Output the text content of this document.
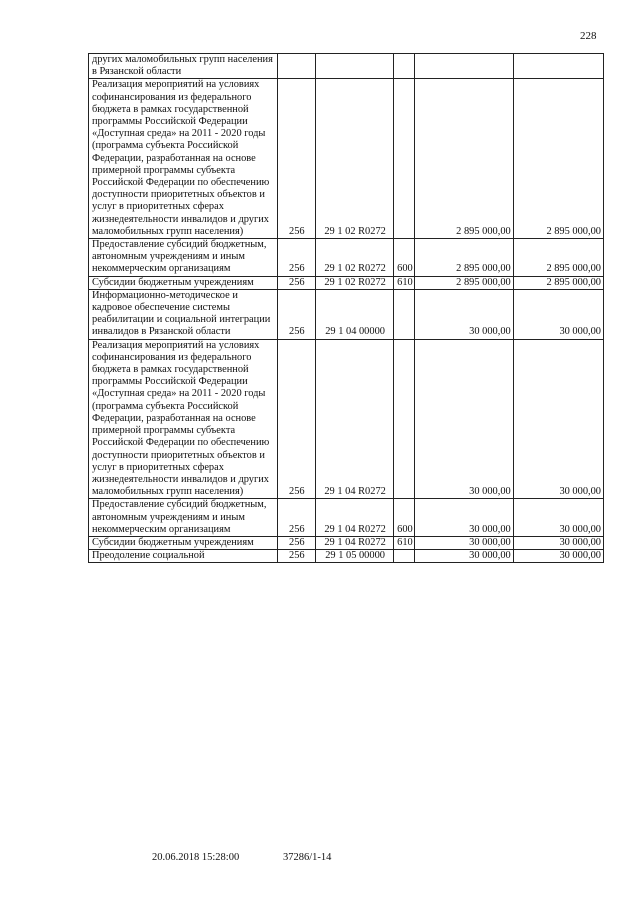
228
других маломобильных групп населения в Рязанской области					
Реализация мероприятий на условиях софинансирования из федерального бюджета в рамках государственной программы Российской Федерации «Доступная среда» на 2011 - 2020 годы (программа субъекта Российской Федерации, разработанная на основе примерной программы субъекта Российской Федерации по обеспечению доступности приоритетных объектов и услуг в приоритетных сферах жизнедеятельности инвалидов и других маломобильных групп населения)	256	29 1 02 R0272		2 895 000,00	2 895 000,00
Предоставление субсидий бюджетным, автономным учреждениям и иным некоммерческим организациям	256	29 1 02 R0272	600	2 895 000,00	2 895 000,00
Субсидии бюджетным учреждениям	256	29 1 02 R0272	610	2 895 000,00	2 895 000,00
Информационно-методическое и кадровое обеспечение системы реабилитации и социальной интеграции инвалидов в Рязанской области	256	29 1 04 00000		30 000,00	30 000,00
Реализация мероприятий на условиях софинансирования из федерального бюджета в рамках государственной программы Российской Федерации «Доступная среда» на 2011 - 2020 годы (программа субъекта Российской Федерации, разработанная на основе примерной программы субъекта Российской Федерации по обеспечению доступности приоритетных объектов и услуг в приоритетных сферах жизнедеятельности инвалидов и других маломобильных групп населения)	256	29 1 04 R0272		30 000,00	30 000,00
Предоставление субсидий бюджетным, автономным учреждениям и иным некоммерческим организациям	256	29 1 04 R0272	600	30 000,00	30 000,00
Субсидии бюджетным учреждениям	256	29 1 04 R0272	610	30 000,00	30 000,00
Преодоление социальной	256	29 1 05 00000		30 000,00	30 000,00
20.06.2018 15:28:00	37286/1-14
